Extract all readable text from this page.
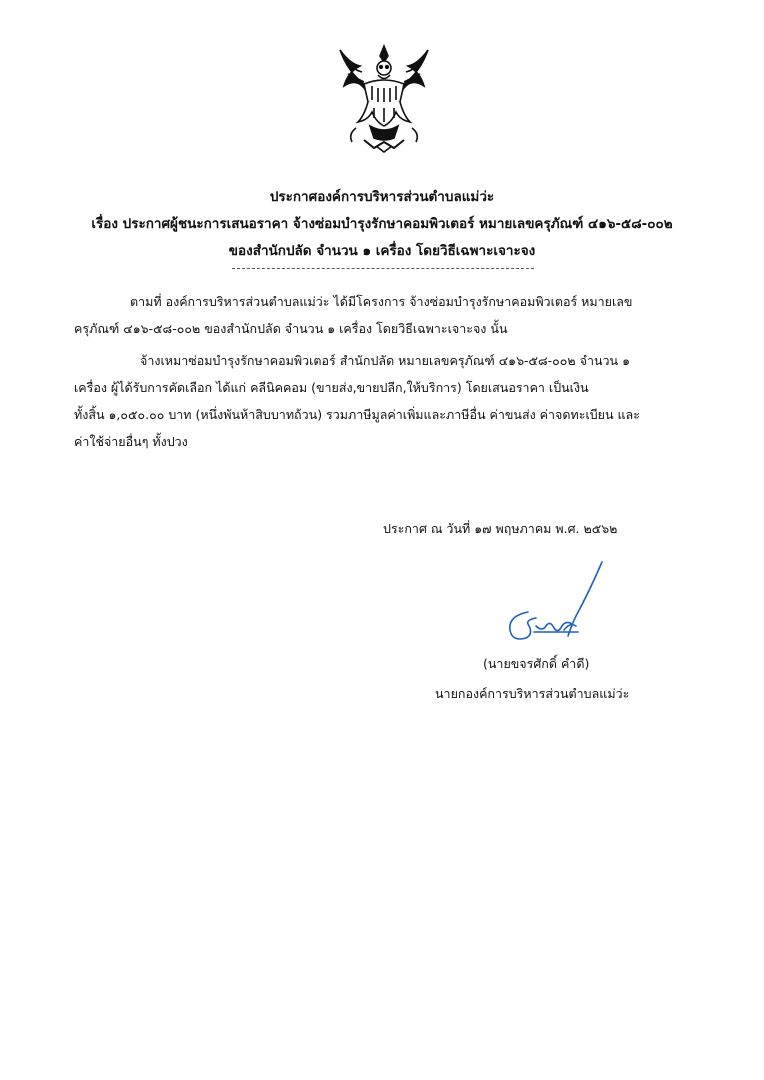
ประกาศองค์การบริหารส่วนตำบลแม่ว่ะ
เรื่อง ประกาศผู้ชนะการเสนอราคา จ้างซ่อมบำรุงรักษาคอมพิวเตอร์ หมายเลขครุภัณฑ์ ๔๑๖-๕๘-๐๐๒
ของสำนักปลัด จำนวน ๑ เครื่อง โดยวิธีเฉพาะเจาะจง
ตามที่ องค์การบริหารส่วนตำบลแม่ว่ะ ได้มีโครงการ จ้างซ่อมบำรุงรักษาคอมพิวเตอร์ หมายเลข
ครุภัณฑ์ ๔๑๖-๕๘-๐๐๒ ของสำนักปลัด จำนวน ๑ เครื่อง โดยวิธีเฉพาะเจาะจง นั้น
จ้างเหมาซ่อมบำรุงรักษาคอมพิวเตอร์ สำนักปลัด หมายเลขครุภัณฑ์ ๔๑๖-๕๘-๐๐๒ จำนวน ๑
เครื่อง ผู้ได้รับการคัดเลือก ได้แก่ คลีนิคคอม (ขายส่ง,ขายปลีก,ให้บริการ) โดยเสนอราคา เป็นเงิน
ทั้งสิ้น ๑,๐๕๐.๐๐ บาท (หนึ่งพันห้าสิบบาทถ้วน) รวมภาษีมูลค่าเพิ่มและภาษีอื่น ค่าขนส่ง ค่าจดทะเบียน และ
ค่าใช้จ่ายอื่นๆ ทั้งปวง
ประกาศ ณ วันที่ ๑๗ พฤษภาคม พ.ศ. ๒๕๖๒
(นายขจรศักดิ์ คำดี)
นายกองค์การบริหารส่วนตำบลแม่ว่ะ
